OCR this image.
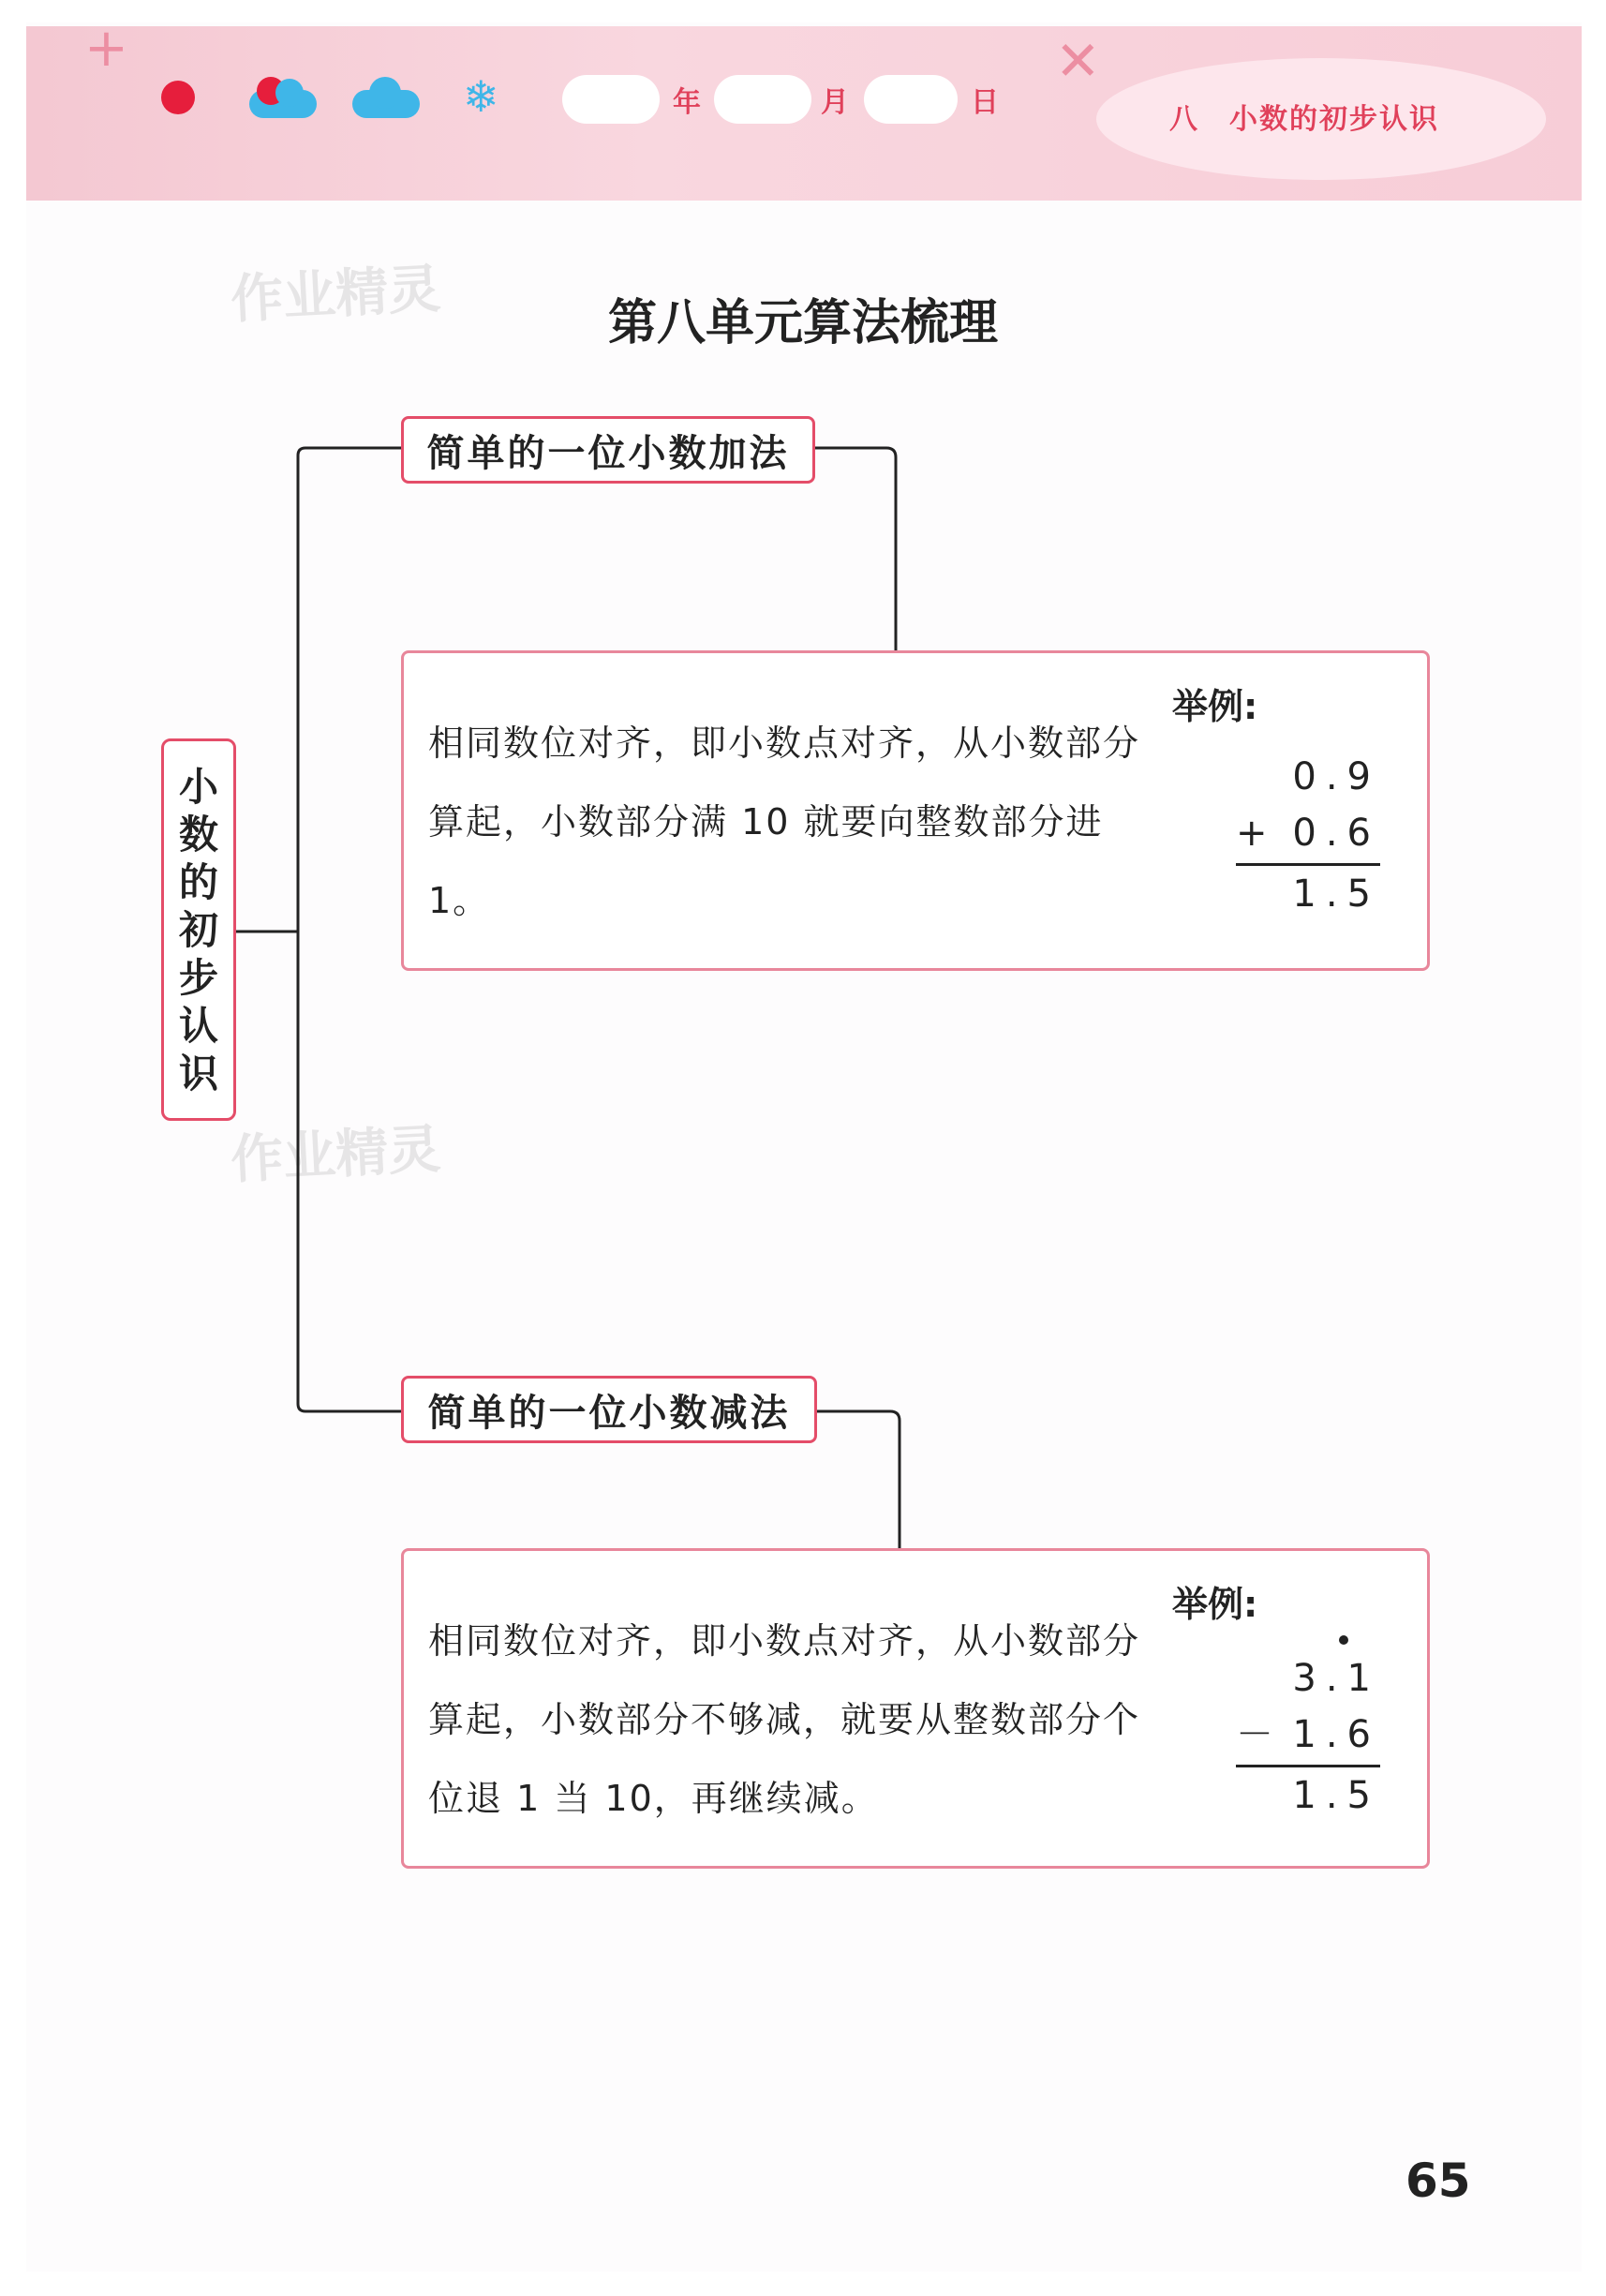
+	✕
❄	年	月	日
八　小数的初步认识
作业精灵
作业精灵
第八单元算法梳理
小
数
的
初
步
认
识
简单的一位小数加法
相同数位对齐，即小数点对齐，从小数部分算起，小数部分满 10 就要向整数部分进 1。
举例:
0.9
+ 0.6
1.5
简单的一位小数减法
相同数位对齐，即小数点对齐，从小数部分算起，小数部分不够减，就要从整数部分个位退 1 当 10，再继续减。
举例:
3.1
－ 1.6
1.5
65
